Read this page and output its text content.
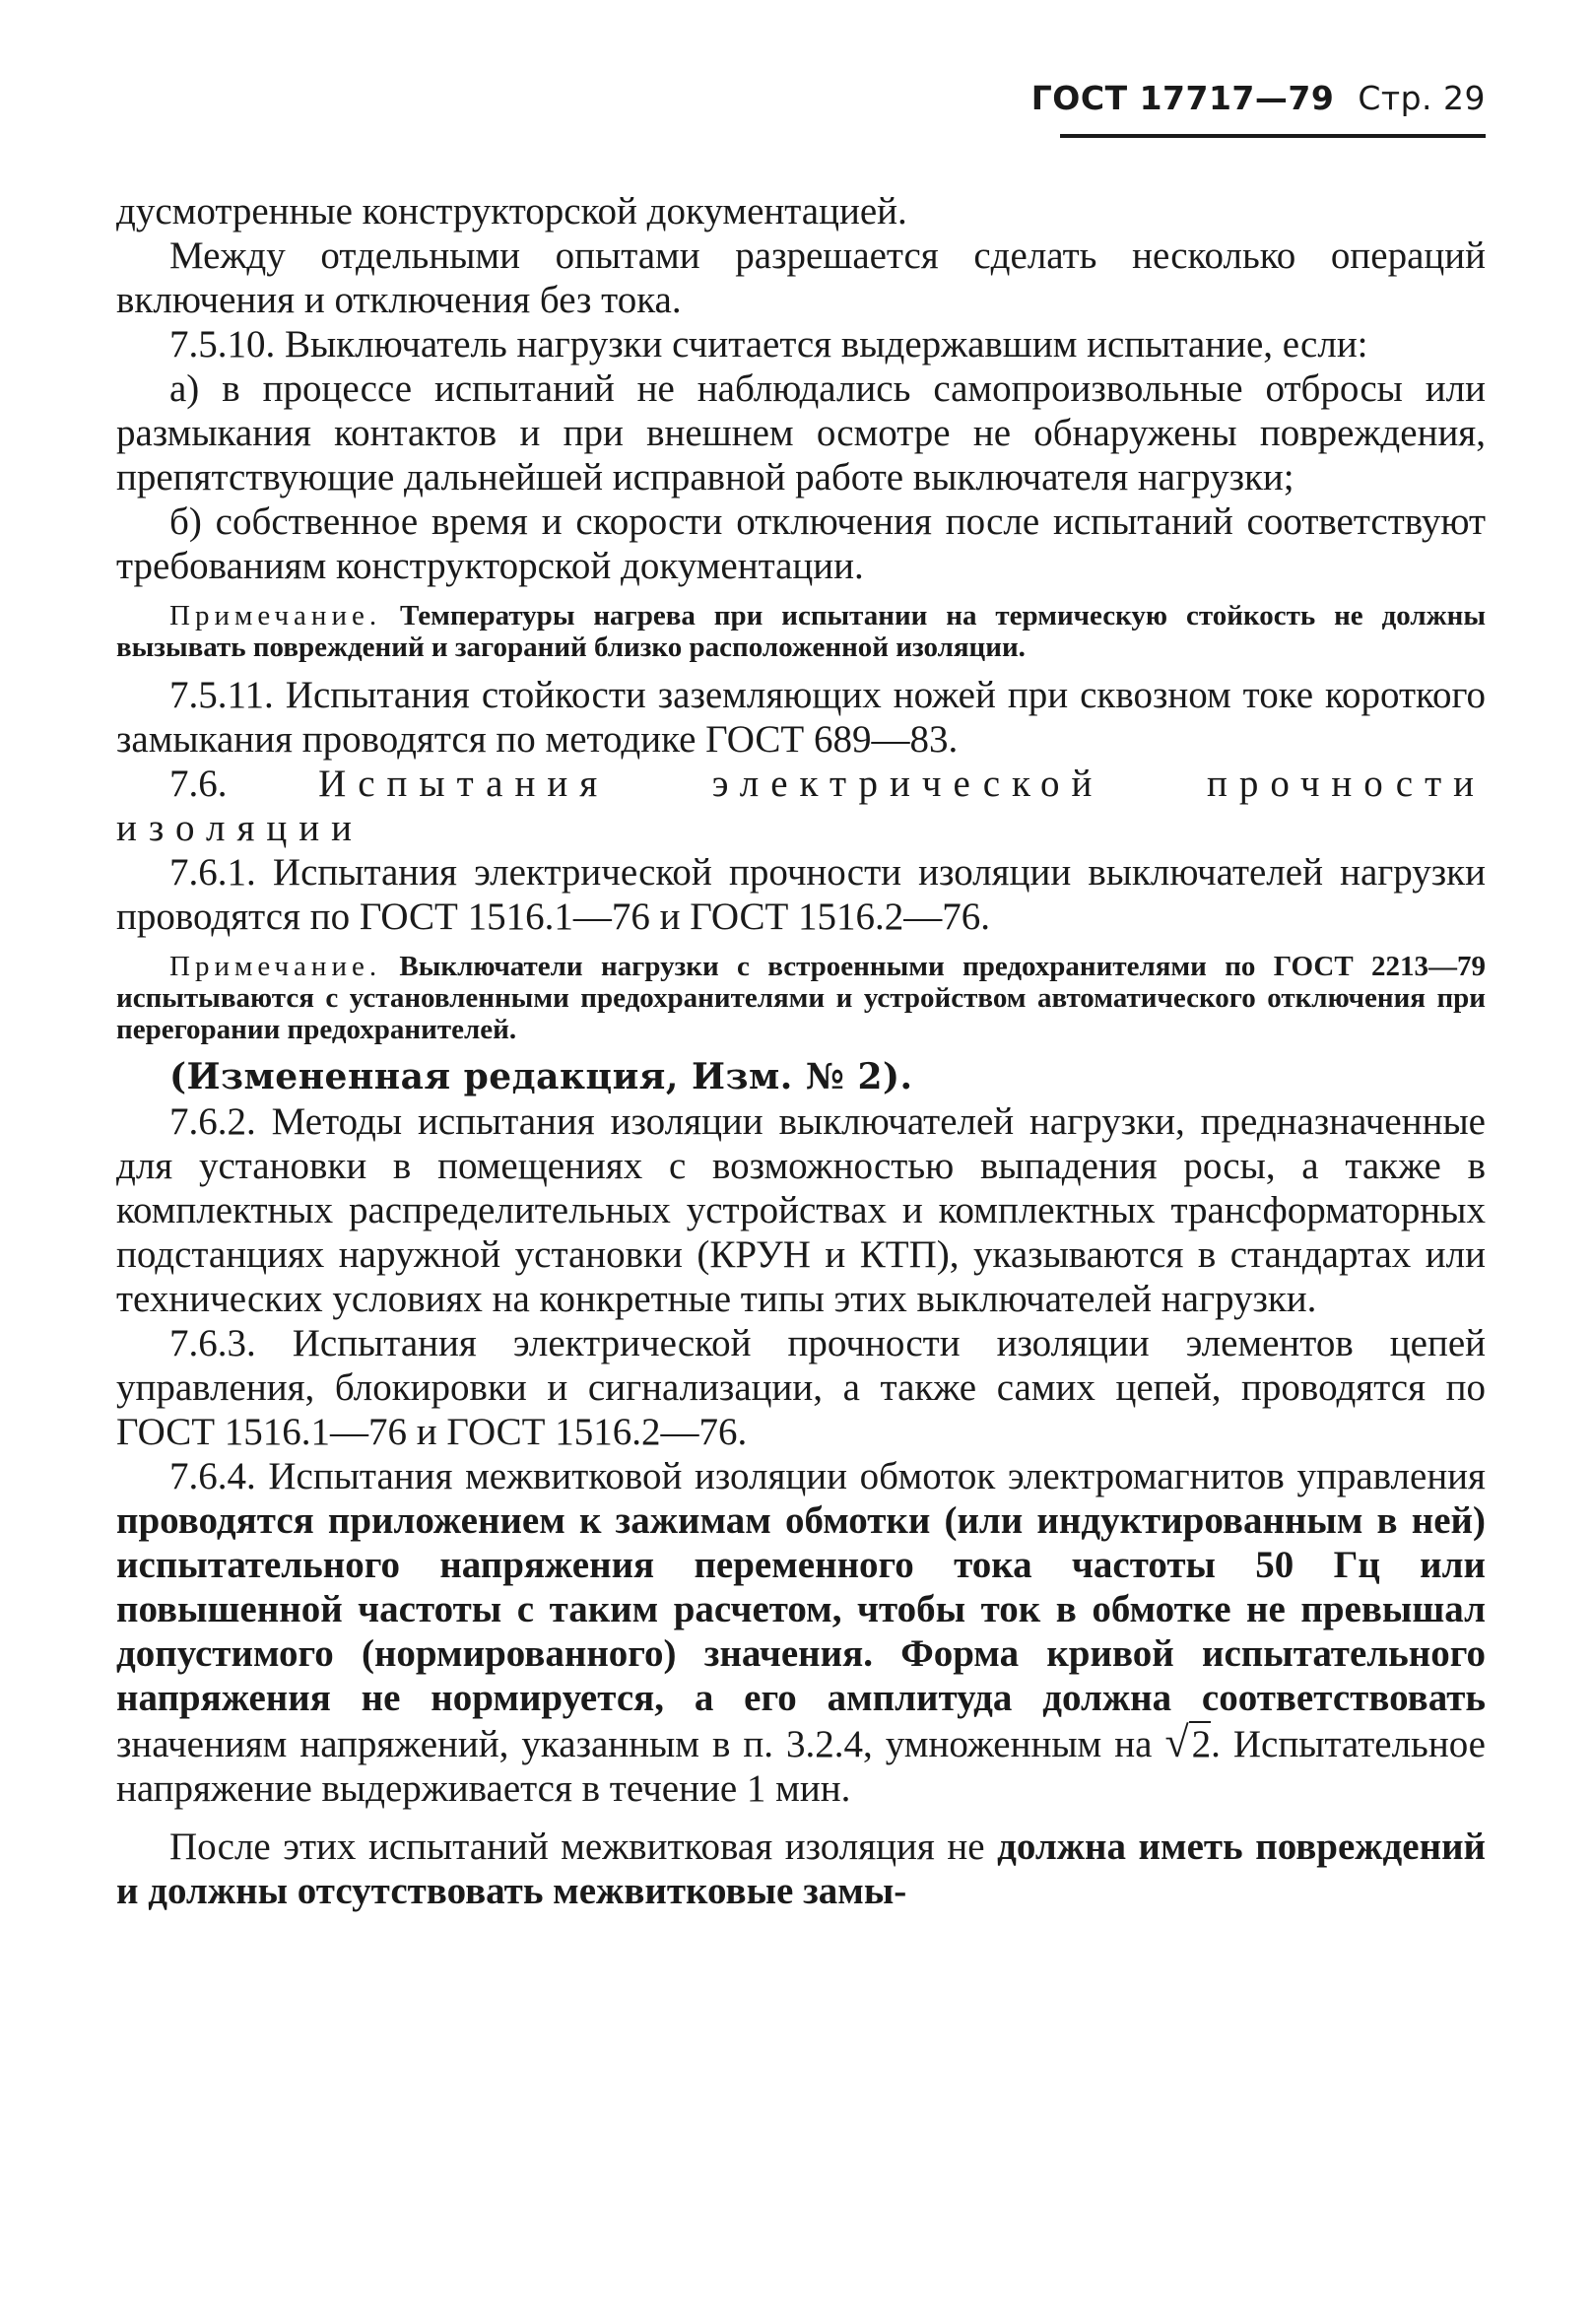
ГОСТ 17717—79 Стр. 29

дусмотренные конструкторской документацией.

Между отдельными опытами разрешается сделать несколько операций включения и отключения без тока.

7.5.10. Выключатель нагрузки считается выдержавшим испытание, если:

а) в процессе испытаний не наблюдались самопроизвольные отбросы или размыкания контактов и при внешнем осмотре не обнаружены повреждения, препятствующие дальнейшей исправной работе выключателя нагрузки;

б) собственное время и скорости отключения после испытаний соответствуют требованиям конструкторской документации.

Примечание. Температуры нагрева при испытании на термическую стойкость не должны вызывать повреждений и загораний близко расположенной изоляции.

7.5.11. Испытания стойкости заземляющих ножей при сквозном токе короткого замыкания проводятся по методике ГОСТ 689—83.

7.6. Испытания электрической прочности изоляции

7.6.1. Испытания электрической прочности изоляции выключателей нагрузки проводятся по ГОСТ 1516.1—76 и ГОСТ 1516.2—76.

Примечание. Выключатели нагрузки с встроенными предохранителями по ГОСТ 2213—79 испытываются с установленными предохранителями и устройством автоматического отключения при перегорании предохранителей.

(Измененная редакция, Изм. № 2).

7.6.2. Методы испытания изоляции выключателей нагрузки, предназначенные для установки в помещениях с возможностью выпадения росы, а также в комплектных распределительных устройствах и комплектных трансформаторных подстанциях наружной установки (КРУН и КТП), указываются в стандартах или технических условиях на конкретные типы этих выключателей нагрузки.

7.6.3. Испытания электрической прочности изоляции элементов цепей управления, блокировки и сигнализации, а также самих цепей, проводятся по ГОСТ 1516.1—76 и ГОСТ 1516.2—76.

7.6.4. Испытания межвитковой изоляции обмоток электромагнитов управления проводятся приложением к зажимам обмотки (или индуктированным в ней) испытательного напряжения переменного тока частоты 50 Гц или повышенной частоты с таким расчетом, чтобы ток в обмотке не превышал допустимого (нормированного) значения. Форма кривой испытательного напряжения не нормируется, а его амплитуда должна соответствовать значениям напряжений, указанным в п. 3.2.4, умноженным на √2. Испытательное напряжение выдерживается в течение 1 мин.

После этих испытаний межвитковая изоляция не должна иметь повреждений и должны отсутствовать межвитковые замы-
